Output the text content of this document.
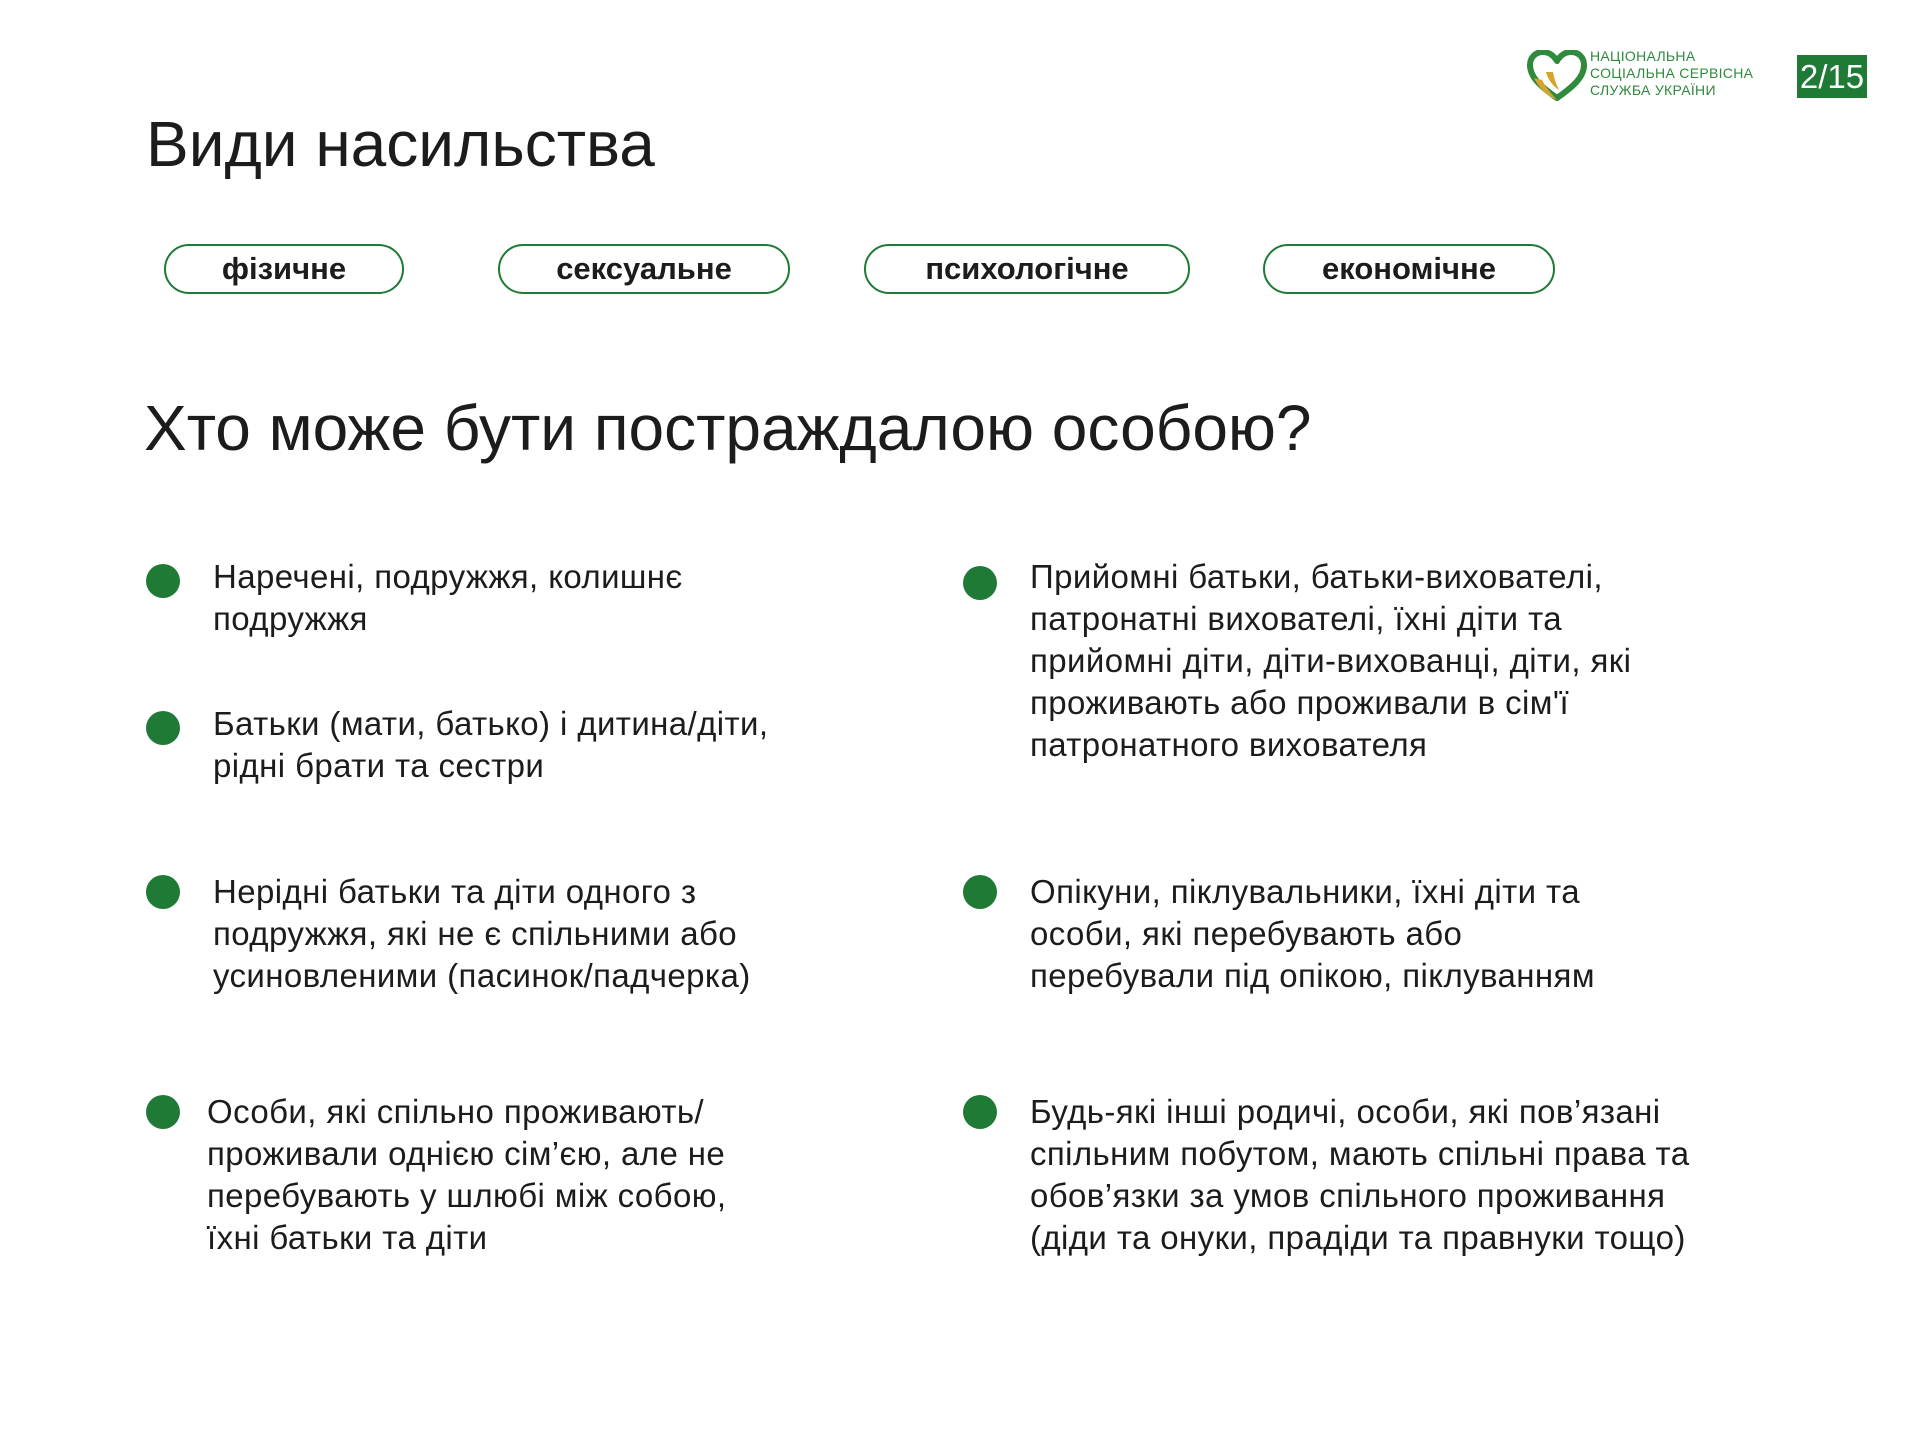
НАЦІОНАЛЬНА
СОЦІАЛЬНА СЕРВІСНА
СЛУЖБА УКРАЇНИ	2/15
Види насильства
фізичне	сексуальне	психологічне	економічне
Хто може бути постраждалою особою?
Наречені, подружжя, колишнє
подружжя
Батьки (мати, батько) і дитина/діти,
рідні брати та сестри
Нерідні батьки та діти одного з
подружжя, які не є спільними або
усиновленими (пасинок/падчерка)
Особи, які спільно проживають/
проживали однією сім’єю, але не
перебувають у шлюбі між собою,
їхні батьки та діти
Прийомні батьки, батьки-вихователі,
патронатні вихователі, їхні діти та
прийомні діти, діти-вихованці, діти, які
проживають або проживали в сім'ї
патронатного вихователя
Опікуни, піклувальники, їхні діти та
особи, які перебувають або
перебували під опікою, піклуванням
Будь-які інші родичі, особи, які пов’язані
спільним побутом, мають спільні права та
обов’язки за умов спільного проживання
(діди та онуки, прадіди та правнуки тощо)
